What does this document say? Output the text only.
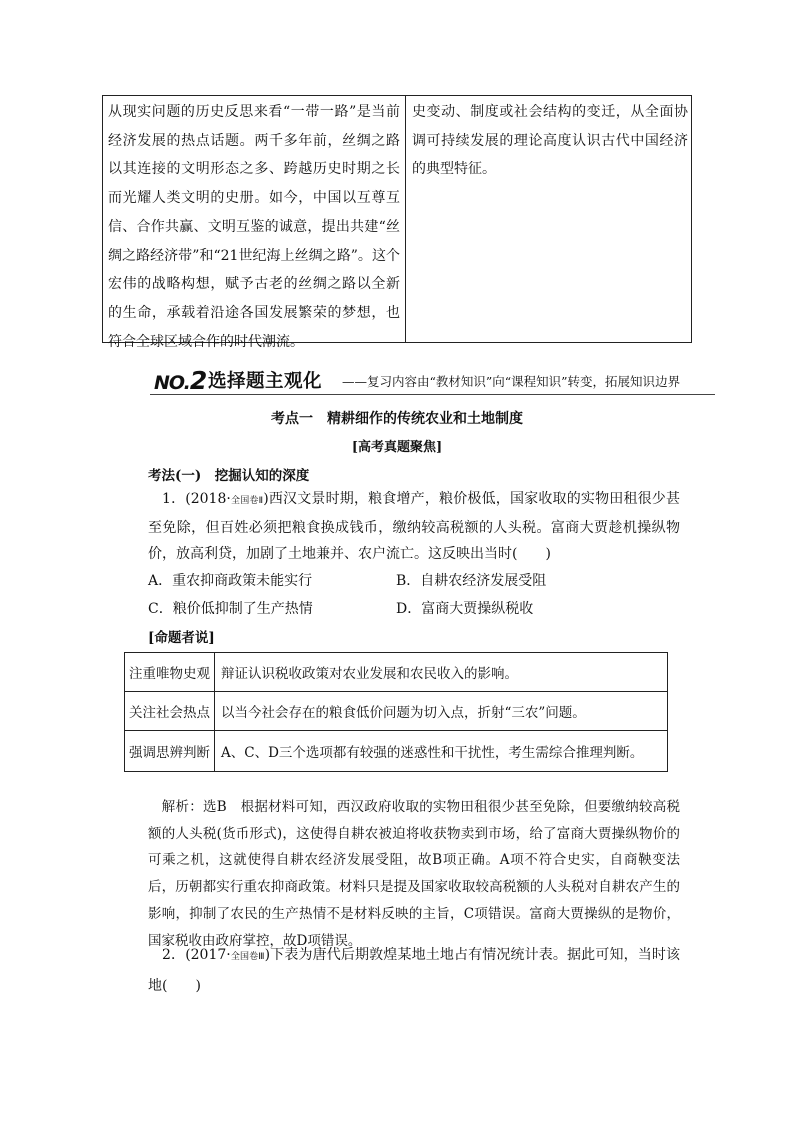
从现实问题的历史反思来看“一带一路”是当前经济发展的热点话题。两千多年前，丝绸之路以其连接的文明形态之多、跨越历史时期之长而光耀人类文明的史册。如今，中国以互尊互信、合作共赢、文明互鉴的诚意，提出共建“丝绸之路经济带”和“21世纪海上丝绸之路”。这个宏伟的战略构想，赋予古老的丝绸之路以全新的生命，承载着沿途各国发展繁荣的梦想，也符合全球区域合作的时代潮流。
史变动、制度或社会结构的变迁，从全面协调可持续发展的理论高度认识古代中国经济的典型特征。
NO.2 选择题主观化 ——复习内容由“教材知识”向“课程知识”转变，拓展知识边界
考点一　精耕细作的传统农业和土地制度
[高考真题聚焦]
考法(一)　挖掘认知的深度
 1．(2018·全国卷Ⅱ)西汉文景时期，粮食增产，粮价极低，国家收取的实物田租很少甚至免除，但百姓必须把粮食换成钱币，缴纳较高税额的人头税。富商大贾趁机操纵物价，放高利贷，加剧了土地兼并、农户流亡。这反映出当时(　　)
A．重农抑商政策未能实行	B．自耕农经济发展受阻
C．粮价低抑制了生产热情	D．富商大贾操纵税收
[命题者说]
注重唯物史观	辩证认识税收政策对农业发展和农民收入的影响。
关注社会热点	以当今社会存在的粮食低价问题为切入点，折射“三农”问题。
强调思辨判断	A、C、D三个选项都有较强的迷惑性和干扰性，考生需综合推理判断。
 解析：选B　根据材料可知，西汉政府收取的实物田租很少甚至免除，但要缴纳较高税额的人头税(货币形式)，这使得自耕农被迫将收获物卖到市场，给了富商大贾操纵物价的可乘之机，这就使得自耕农经济发展受阻，故B项正确。A项不符合史实，自商鞅变法后，历朝都实行重农抑商政策。材料只是提及国家收取较高税额的人头税对自耕农产生的影响，抑制了农民的生产热情不是材料反映的主旨，C项错误。富商大贾操纵的是物价，国家税收由政府掌控，故D项错误。
 2．(2017·全国卷Ⅲ)下表为唐代后期敦煌某地土地占有情况统计表。据此可知，当时该地(　　)
